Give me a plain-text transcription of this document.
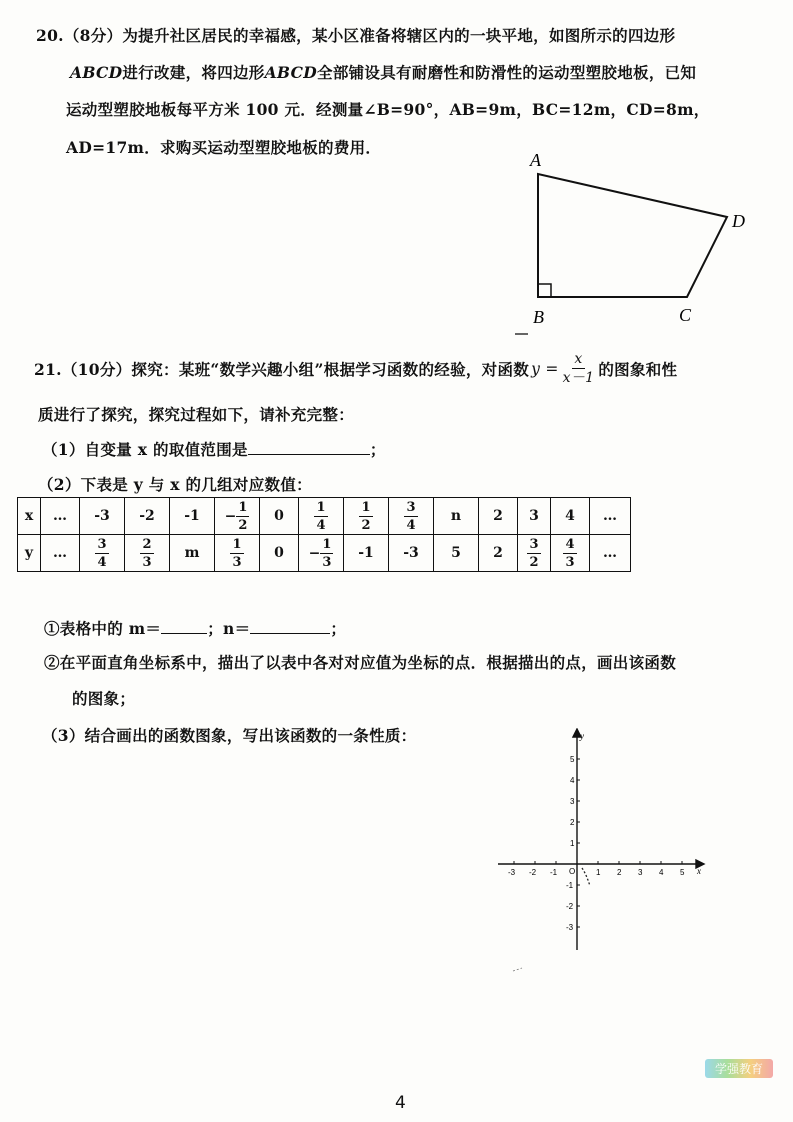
20.（8分）为提升社区居民的幸福感，某小区准备将辖区内的一块平地，如图所示的四边形
ABCD进行改建，将四边形ABCD全部铺设具有耐磨性和防滑性的运动型塑胶地板，已知
运动型塑胶地板每平方米 100 元．经测量∠B=90°，AB=9m，BC=12m，CD=8m，
AD=17m．求购买运动型塑胶地板的费用．
A
B	C
D
21.（10分）探究：某班“数学兴趣小组”根据学习函数的经验，对函数 $y = \frac{x}{x-1}$ 的图象和性
质进行了探究，探究过程如下，请补充完整：
（1）自变量 x 的取值范围是	；
（2）下表是 y 与 x 的几组对应数值：
x	…	-3	-2	-1	− $\frac{1}{2}$	0	$\frac{1}{4}$	$\frac{1}{2}$	$\frac{3}{4}$	n	2	3	4	…
y	…	$\frac{3}{4}$	$\frac{2}{3}$	m	$\frac{1}{3}$	0	− $\frac{1}{3}$	-1	-3	5	2	$\frac{3}{2}$	$\frac{4}{3}$	…
①表格中的 m＝	；n＝	；
②在平面直角坐标系中，描出了以表中各对对应值为坐标的点．根据描出的点，画出该函数
的图象；
（3）结合画出的函数图象，写出该函数的一条性质：
-3 -2 -1	1 2 3 4 5
5
4
3
2
1
-1
-2
-3
x
y
O
4
学强教育
